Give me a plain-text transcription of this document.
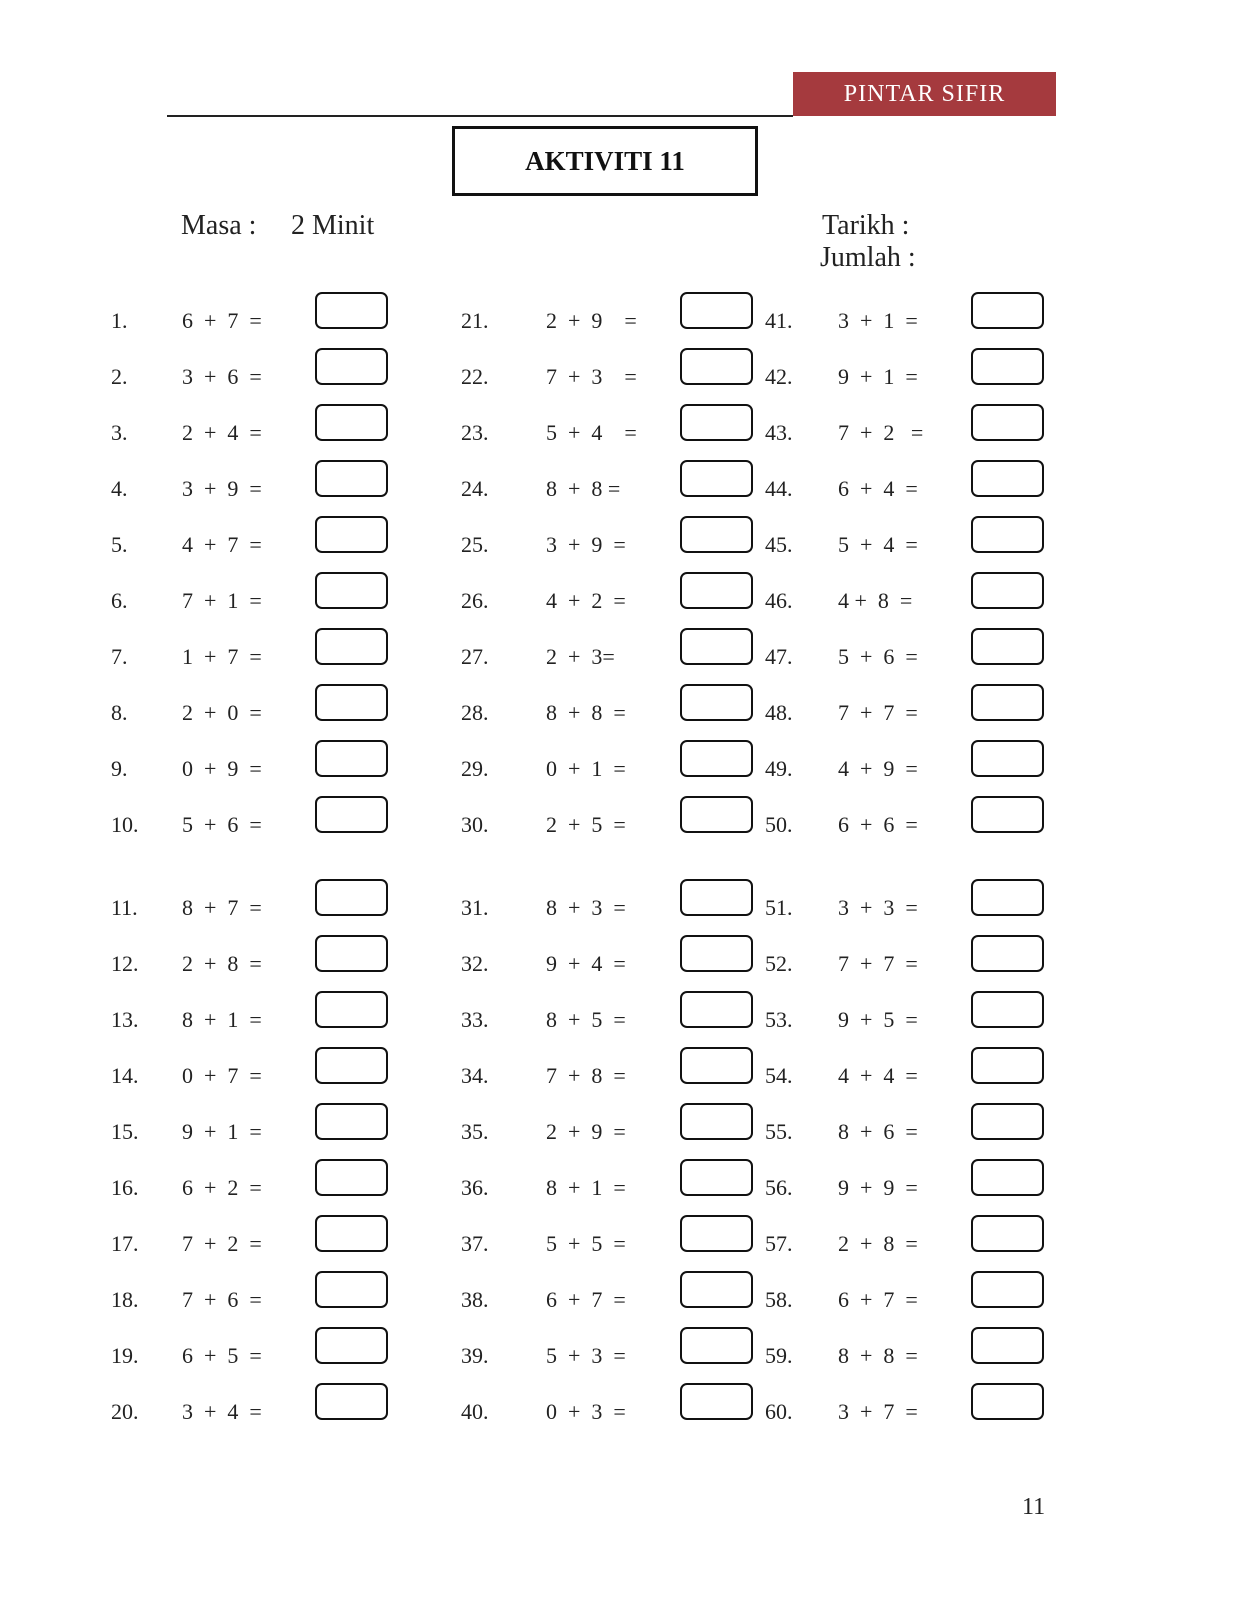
PINTAR SIFIR
AKTIVITI 11
Masa : 2 Minit	Tarikh :
Jumlah :
1. 6  +  7  =
2. 3  +  6  =
3. 2  +  4  =
4. 3  +  9  =
5. 4  +  7  =
6. 7  +  1  =
7. 1  +  7  =
8. 2  +  0  =
9. 0  +  9  =
10. 5  +  6  =
11. 8  +  7  =
12. 2  +  8  =
13. 8  +  1  =
14. 0  +  7  =
15. 9  +  1  =
16. 6  +  2  =
17. 7  +  2  =
18. 7  +  6  =
19. 6  +  5  =
20. 3  +  4  =
21.	2  +  9    =
22.	7  +  3    =
23.	5  +  4    =
24.	8  +  8 =
25.	3  +  9  =
26.	4  +  2  =
27.	2  +  3=
28.	8  +  8  =
29.	0  +  1  =
30.	2  +  5  =
31.	8  +  3  =
32.	9  +  4  =
33.	8  +  5  =
34.	7  +  8  =
35.	2  +  9  =
36.	8  +  1  =
37.	5  +  5  =
38.	6  +  7  =
39.	5  +  3  =
40.	0  +  3  =
41. 3  +  1  =
42. 9  +  1  =
43. 7  +  2   =
44. 6  +  4  =
45. 5  +  4  =
46. 4 +  8  =
47. 5  +  6  =
48. 7  +  7  =
49. 4  +  9  =
50. 6  +  6  =
51. 3  +  3  =
52. 7  +  7  =
53. 9  +  5  =
54. 4  +  4  =
55. 8  +  6  =
56. 9  +  9  =
57. 2  +  8  =
58. 6  +  7  =
59. 8  +  8  =
60. 3  +  7  =
11
